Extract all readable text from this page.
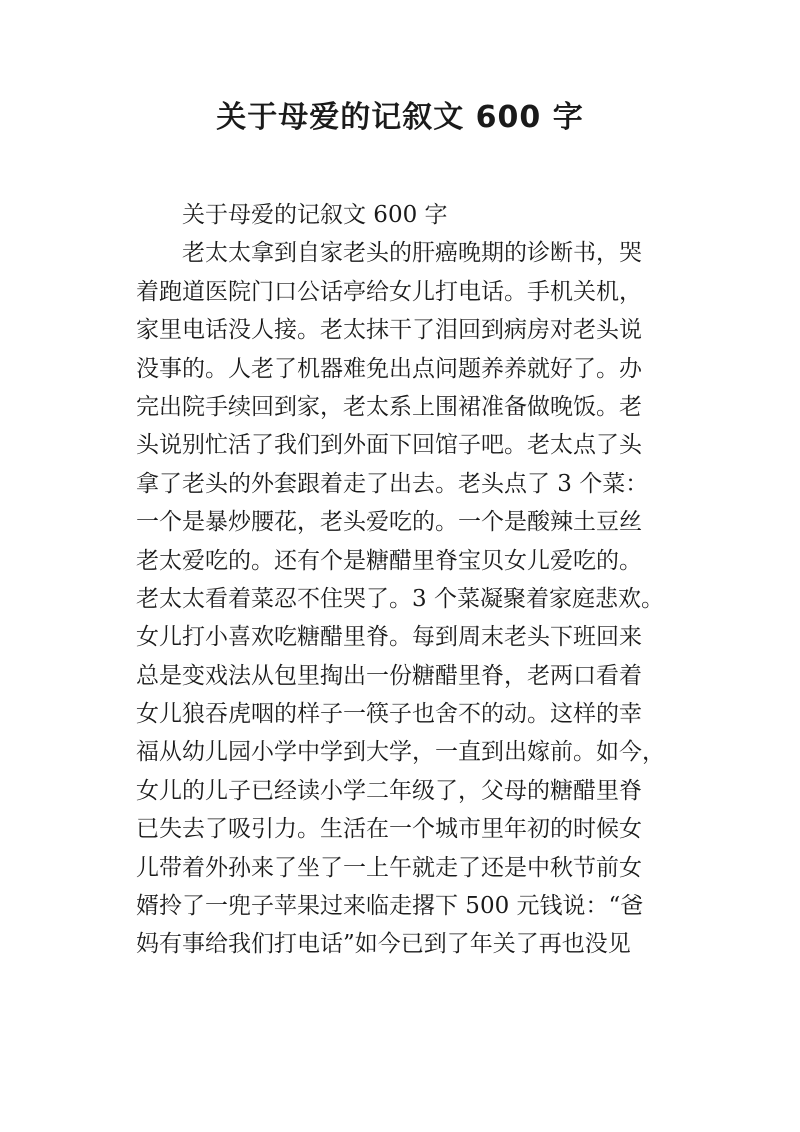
关于母爱的记叙文 600 字

关于母爱的记叙文 600 字

老太太拿到自家老头的肝癌晚期的诊断书，哭

着跑道医院门口公话亭给女儿打电话。手机关机，

家里电话没人接。老太抹干了泪回到病房对老头说

没事的。人老了机器难免出点问题养养就好了。办

完出院手续回到家，老太系上围裙准备做晚饭。老

头说别忙活了我们到外面下回馆子吧。老太点了头

拿了老头的外套跟着走了出去。老头点了 3 个菜：

一个是暴炒腰花，老头爱吃的。一个是酸辣土豆丝

老太爱吃的。还有个是糖醋里脊宝贝女儿爱吃的。

老太太看着菜忍不住哭了。3 个菜凝聚着家庭悲欢。

女儿打小喜欢吃糖醋里脊。每到周末老头下班回来

总是变戏法从包里掏出一份糖醋里脊，老两口看着

女儿狼吞虎咽的样子一筷子也舍不的动。这样的幸

福从幼儿园小学中学到大学，一直到出嫁前。如今，

女儿的儿子已经读小学二年级了，父母的糖醋里脊

已失去了吸引力。生活在一个城市里年初的时候女

儿带着外孙来了坐了一上午就走了还是中秋节前女

婿拎了一兜子苹果过来临走撂下 500 元钱说：“爸

妈有事给我们打电话”如今已到了年关了再也没见
